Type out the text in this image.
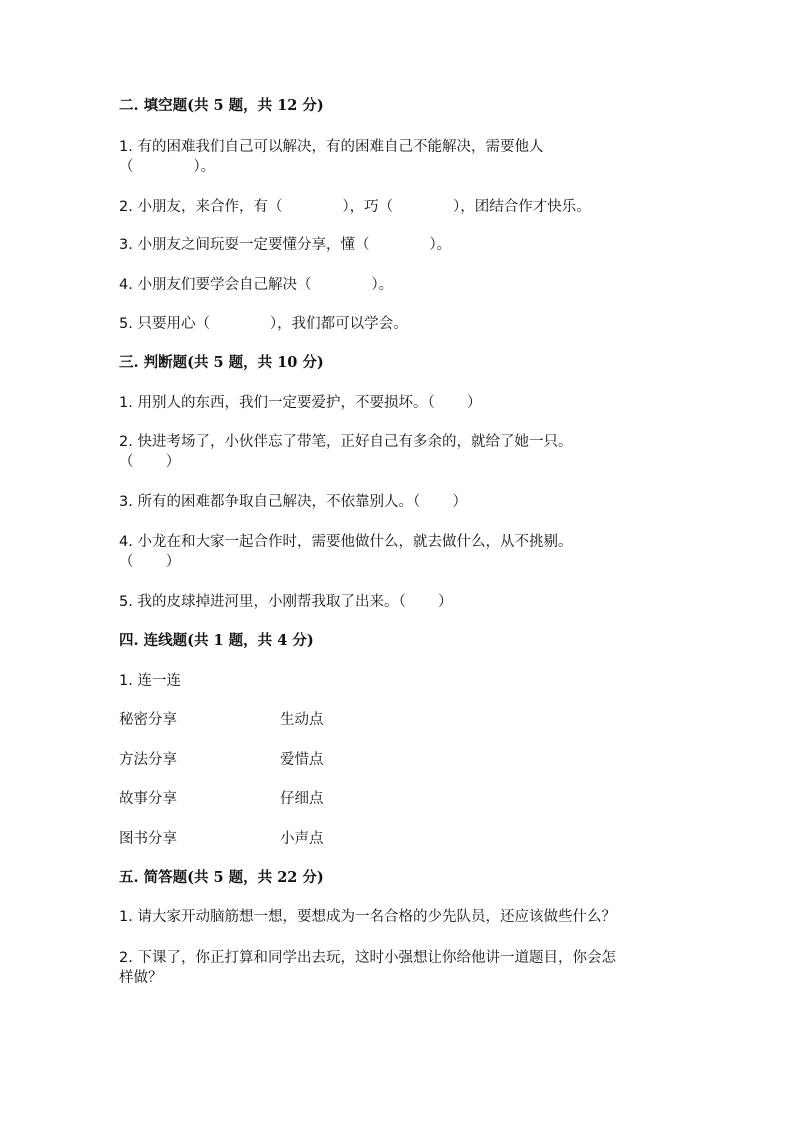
二. 填空题(共 5 题，共 12 分)
1. 有的困难我们自己可以解决，有的困难自己不能解决，需要他人
（             ）。
2. 小朋友，来合作，有（             ），巧（             ），团结合作才快乐。
3. 小朋友之间玩耍一定要懂分享，懂（             ）。
4. 小朋友们要学会自己解决（             ）。
5. 只要用心（             ），我们都可以学会。
三. 判断题(共 5 题，共 10 分)
1. 用别人的东西，我们一定要爱护，不要损坏。（       ）
2. 快进考场了，小伙伴忘了带笔，正好自己有多余的，就给了她一只。
（       ）
3. 所有的困难都争取自己解决，不依靠别人。（       ）
4. 小龙在和大家一起合作时，需要他做什么，就去做什么，从不挑剔。
（       ）
5. 我的皮球掉进河里，小刚帮我取了出来。（       ）
四. 连线题(共 1 题，共 4 分)
1. 连一连
秘密分享	生动点
方法分享	爱惜点
故事分享	仔细点
图书分享	小声点
五. 简答题(共 5 题，共 22 分)
1. 请大家开动脑筋想一想，要想成为一名合格的少先队员，还应该做些什么？
2. 下课了，你正打算和同学出去玩，这时小强想让你给他讲一道题目，你会怎
样做？
